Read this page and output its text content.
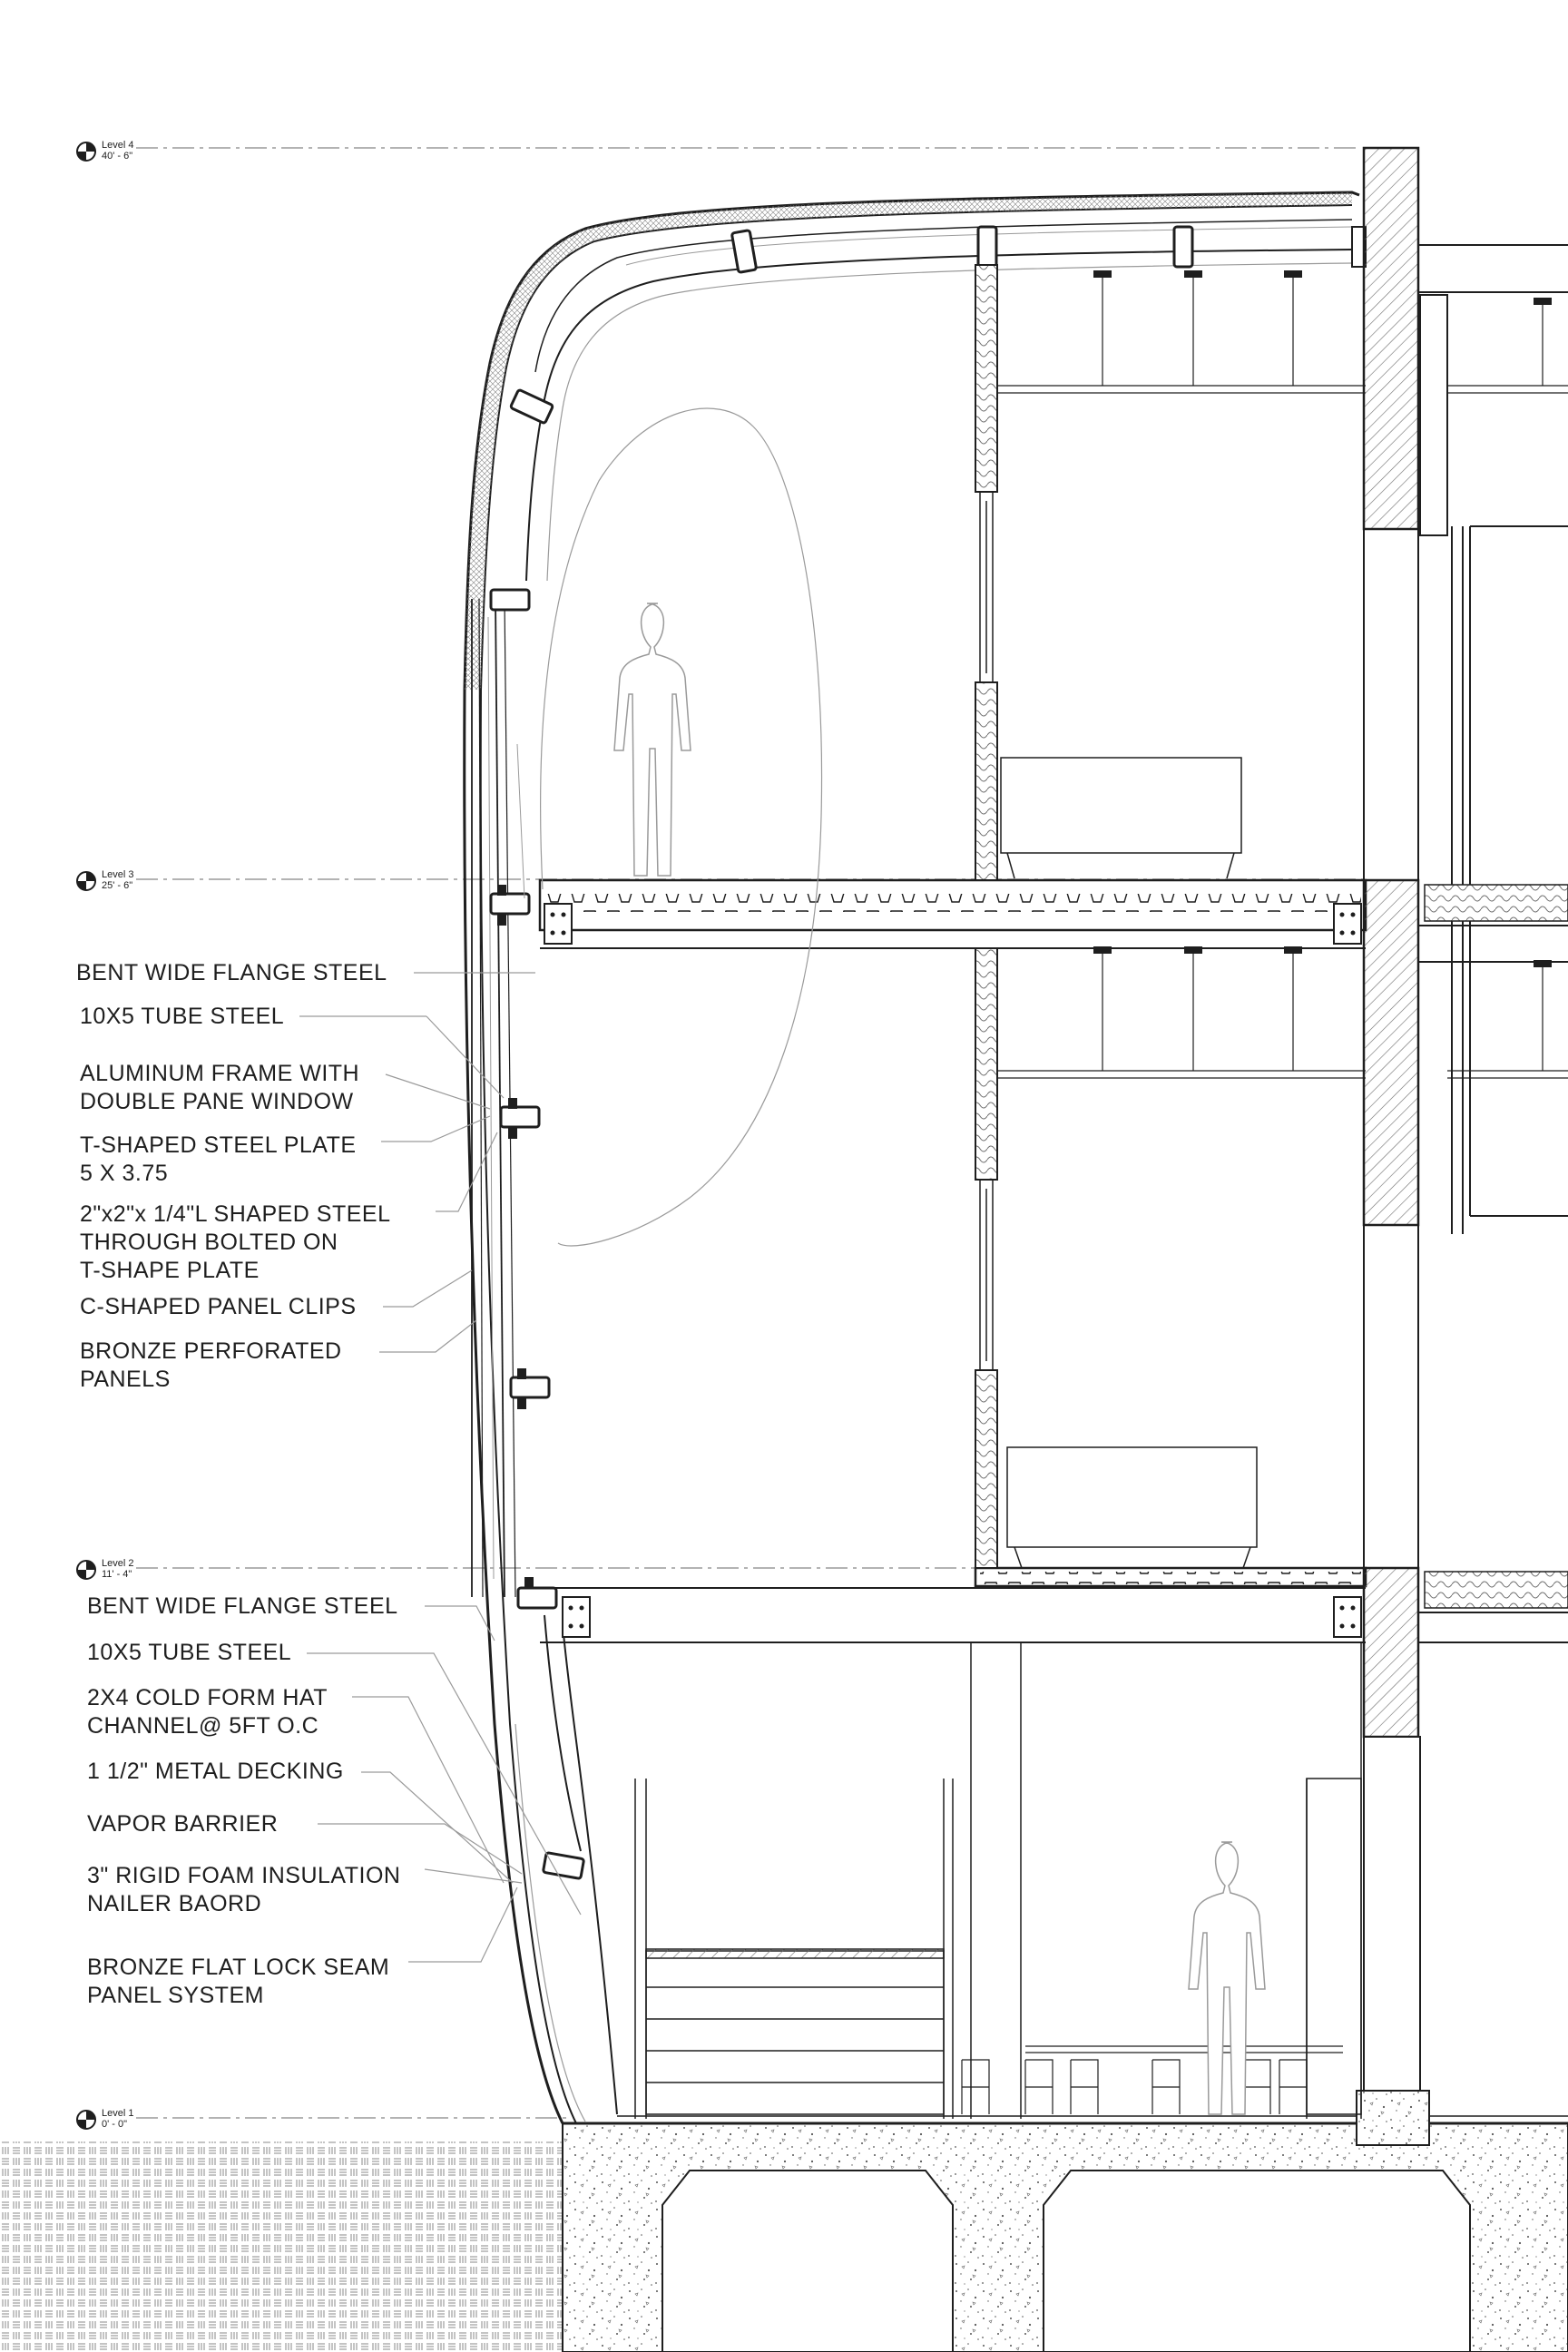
Level 4
40' - 6"
Level 3
25' - 6"
Level 2
11' - 4"
Level 1
0' - 0"
BENT WIDE FLANGE STEEL
10X5 TUBE STEEL
ALUMINUM FRAME WITH
DOUBLE PANE WINDOW
T-SHAPED STEEL PLATE
5 X 3.75
2"x2"x 1/4"L SHAPED STEEL
THROUGH BOLTED ON
T-SHAPE PLATE
C-SHAPED PANEL CLIPS
BRONZE PERFORATED
PANELS
BENT WIDE FLANGE STEEL
10X5 TUBE STEEL
2X4 COLD FORM HAT
CHANNEL@ 5FT O.C
1 1/2" METAL DECKING
VAPOR BARRIER
3" RIGID FOAM INSULATION
NAILER BAORD
BRONZE FLAT LOCK SEAM
PANEL SYSTEM
